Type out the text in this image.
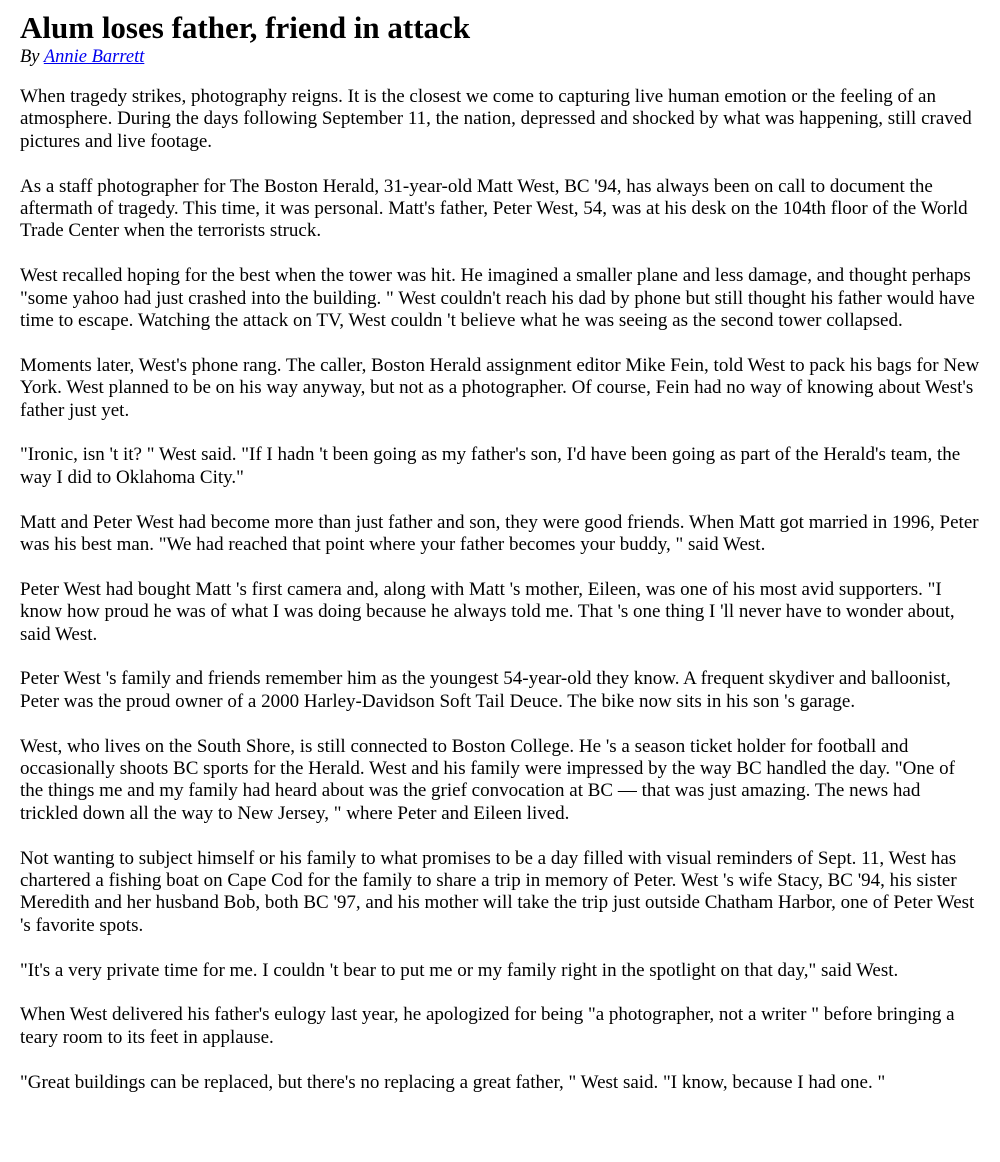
Alum loses father, friend in attack
By Annie Barrett

When tragedy strikes, photography reigns. It is the closest we come to capturing live human emotion or the feeling of an atmosphere. During the days following September 11, the nation, depressed and shocked by what was happening, still craved pictures and live footage.

As a staff photographer for The Boston Herald, 31-year-old Matt West, BC '94, has always been on call to document the aftermath of tragedy. This time, it was personal. Matt's father, Peter West, 54, was at his desk on the 104th floor of the World Trade Center when the terrorists struck.

West recalled hoping for the best when the tower was hit. He imagined a smaller plane and less damage, and thought perhaps "some yahoo had just crashed into the building. " West couldn't reach his dad by phone but still thought his father would have time to escape. Watching the attack on TV, West couldn 't believe what he was seeing as the second tower collapsed.

Moments later, West's phone rang. The caller, Boston Herald assignment editor Mike Fein, told West to pack his bags for New York. West planned to be on his way anyway, but not as a photographer. Of course, Fein had no way of knowing about West's father just yet.

"Ironic, isn 't it? " West said. "If I hadn 't been going as my father's son, I'd have been going as part of the Herald's team, the way I did to Oklahoma City."

Matt and Peter West had become more than just father and son, they were good friends. When Matt got married in 1996, Peter was his best man. "We had reached that point where your father becomes your buddy, " said West.

Peter West had bought Matt 's first camera and, along with Matt 's mother, Eileen, was one of his most avid supporters. "I know how proud he was of what I was doing because he always told me. That 's one thing I 'll never have to wonder about, said West.

Peter West 's family and friends remember him as the youngest 54-year-old they know. A frequent skydiver and balloonist, Peter was the proud owner of a 2000 Harley-Davidson Soft Tail Deuce. The bike now sits in his son 's garage.

West, who lives on the South Shore, is still connected to Boston College. He 's a season ticket holder for football and occasionally shoots BC sports for the Herald. West and his family were impressed by the way BC handled the day. "One of the things me and my family had heard about was the grief convocation at BC — that was just amazing. The news had trickled down all the way to New Jersey, " where Peter and Eileen lived.

Not wanting to subject himself or his family to what promises to be a day filled with visual reminders of Sept. 11, West has chartered a fishing boat on Cape Cod for the family to share a trip in memory of Peter. West 's wife Stacy, BC '94, his sister Meredith and her husband Bob, both BC '97, and his mother will take the trip just outside Chatham Harbor, one of Peter West 's favorite spots.

"It's a very private time for me. I couldn 't bear to put me or my family right in the spotlight on that day," said West.

When West delivered his father's eulogy last year, he apologized for being "a photographer, not a writer " before bringing a teary room to its feet in applause.

"Great buildings can be replaced, but there's no replacing a great father, " West said. "I know, because I had one. "
